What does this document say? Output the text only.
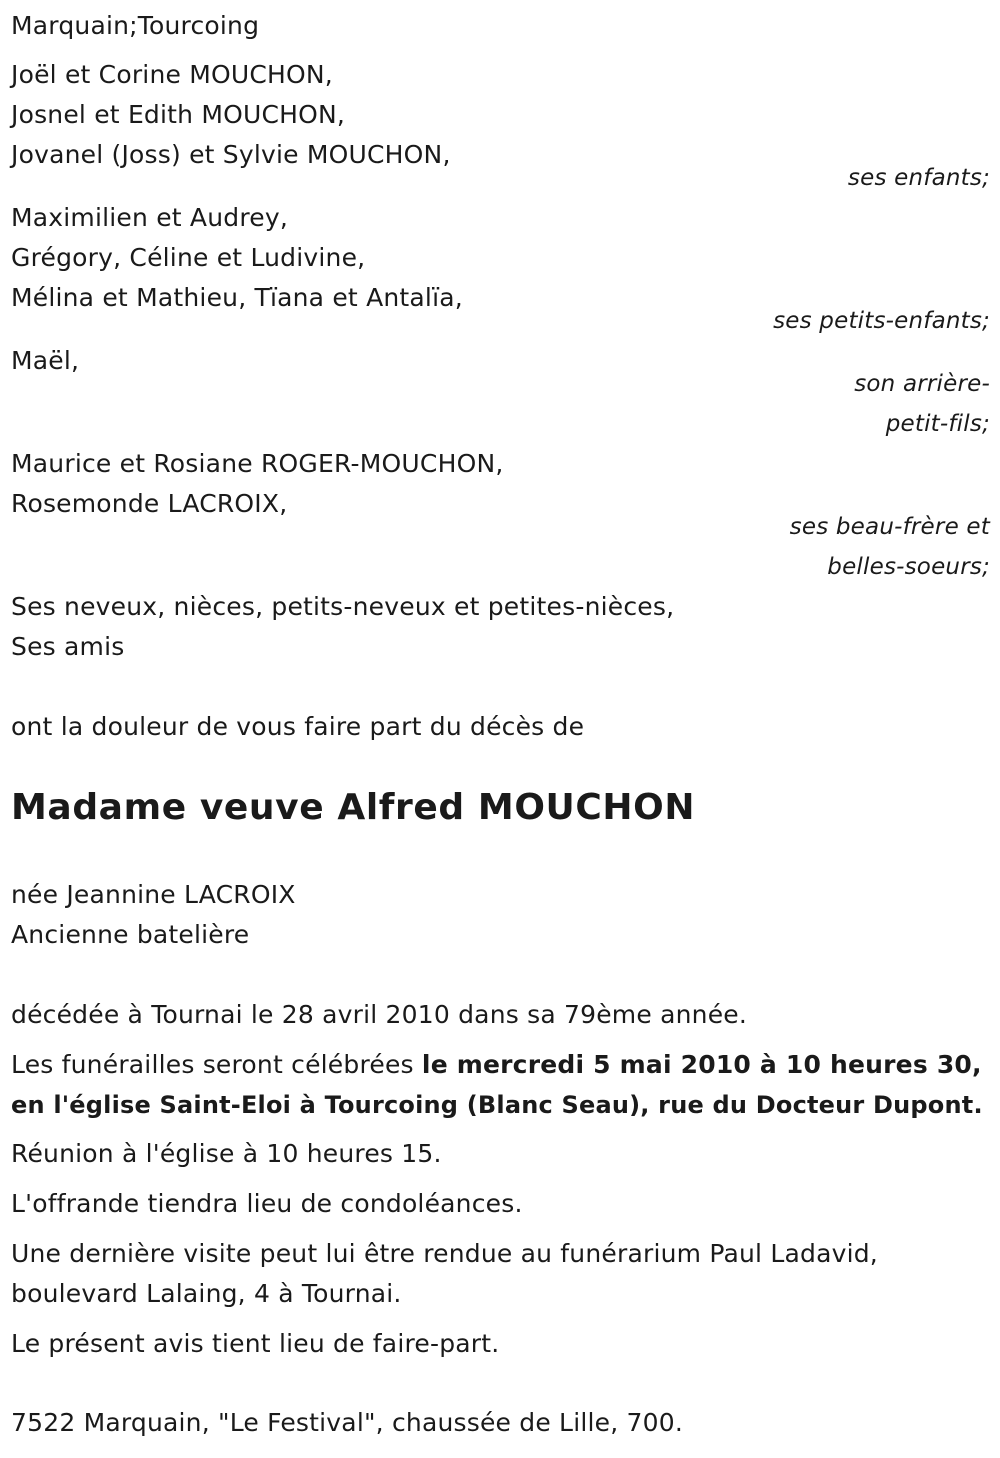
Marquain;Tourcoing
Joël et Corine MOUCHON,
Josnel et Edith MOUCHON,
Jovanel (Joss) et Sylvie MOUCHON,
ses enfants;
Maximilien et Audrey,
Grégory, Céline et Ludivine,
Mélina et Mathieu, Tïana et Antalïa,
ses petits-enfants;
Maël,
son arrière-
petit-fils;
Maurice et Rosiane ROGER-MOUCHON,
Rosemonde LACROIX,
ses beau-frère et
belles-soeurs;
Ses neveux, nièces, petits-neveux et petites-nièces,
Ses amis
ont la douleur de vous faire part du décès de
Madame veuve Alfred MOUCHON
née Jeannine LACROIX
Ancienne batelière
décédée à Tournai le 28 avril 2010 dans sa 79ème année.
Les funérailles seront célébrées le mercredi 5 mai 2010 à 10 heures 30,
en l'église Saint-Eloi à Tourcoing (Blanc Seau), rue du Docteur Dupont.
Réunion à l'église à 10 heures 15.
L'offrande tiendra lieu de condoléances.
Une dernière visite peut lui être rendue au funérarium Paul Ladavid,
boulevard Lalaing, 4 à Tournai.
Le présent avis tient lieu de faire-part.
7522 Marquain, "Le Festival", chaussée de Lille, 700.
